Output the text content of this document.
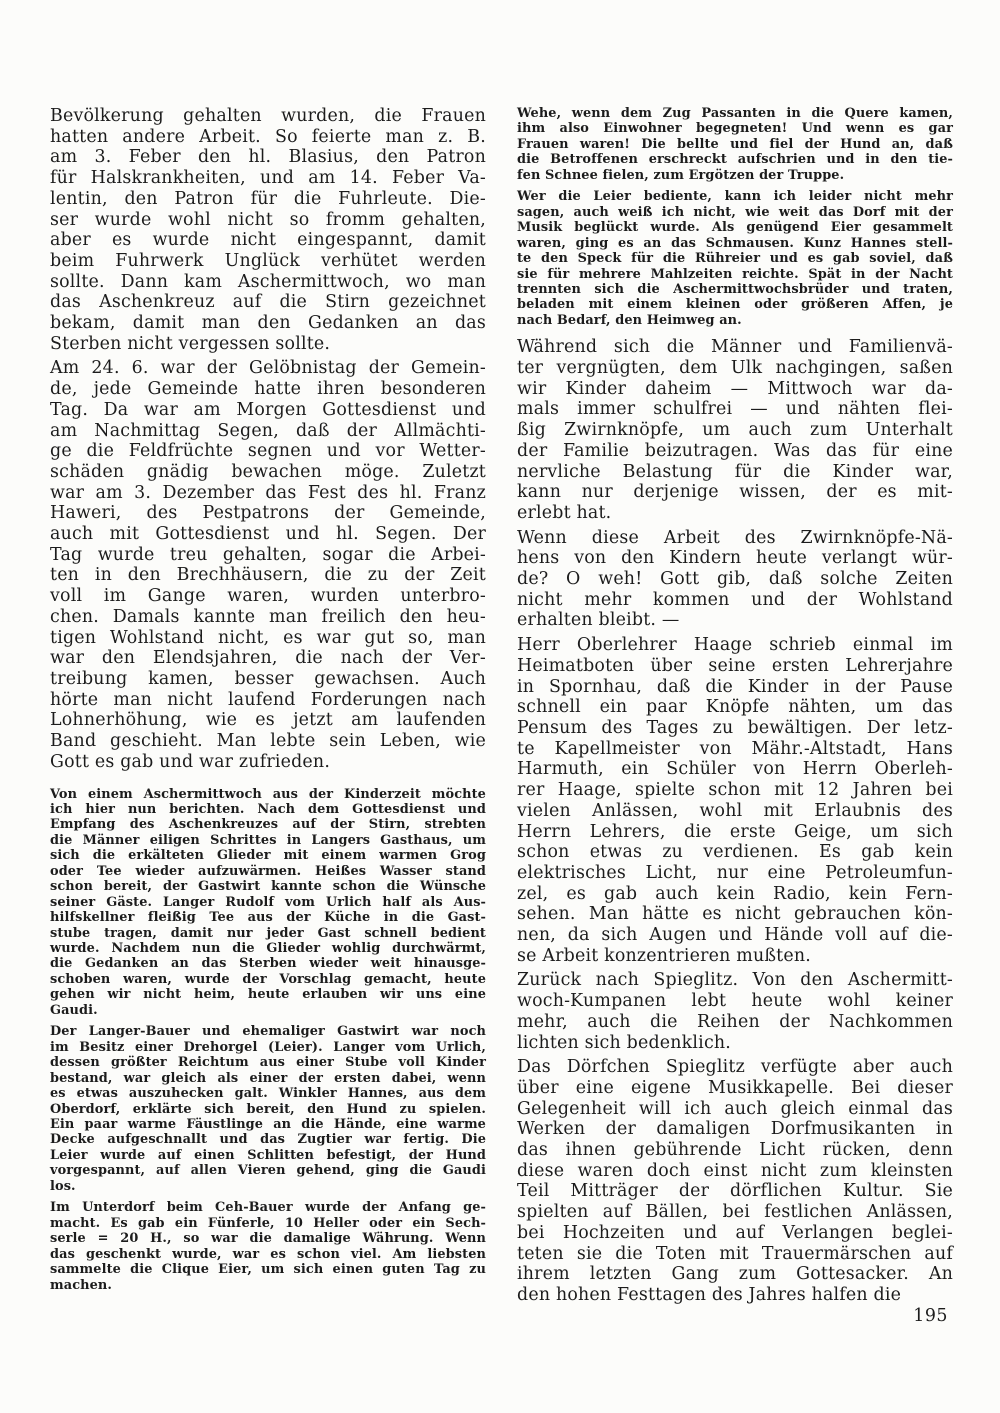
Bevölkerung gehalten wurden, die Frauen
hatten andere Arbeit. So feierte man z. B.
am 3. Feber den hl. Blasius, den Patron
für Halskrankheiten, und am 14. Feber Va-
lentin, den Patron für die Fuhrleute. Die-
ser wurde wohl nicht so fromm gehalten,
aber es wurde nicht eingespannt, damit
beim Fuhrwerk Unglück verhütet werden
sollte. Dann kam Aschermittwoch, wo man
das Aschenkreuz auf die Stirn gezeichnet
bekam, damit man den Gedanken an das
Sterben nicht vergessen sollte.
Am 24. 6. war der Gelöbnistag der Gemein-
de, jede Gemeinde hatte ihren besonderen
Tag. Da war am Morgen Gottesdienst und
am Nachmittag Segen, daß der Allmächti-
ge die Feldfrüchte segnen und vor Wetter-
schäden gnädig bewachen möge. Zuletzt
war am 3. Dezember das Fest des hl. Franz
Haweri, des Pestpatrons der Gemeinde,
auch mit Gottesdienst und hl. Segen. Der
Tag wurde treu gehalten, sogar die Arbei-
ten in den Brechhäusern, die zu der Zeit
voll im Gange waren, wurden unterbro-
chen. Damals kannte man freilich den heu-
tigen Wohlstand nicht, es war gut so, man
war den Elendsjahren, die nach der Ver-
treibung kamen, besser gewachsen. Auch
hörte man nicht laufend Forderungen nach
Lohnerhöhung, wie es jetzt am laufenden
Band geschieht. Man lebte sein Leben, wie
Gott es gab und war zufrieden.
Von einem Aschermittwoch aus der Kinderzeit möchte
ich hier nun berichten. Nach dem Gottesdienst und
Empfang des Aschenkreuzes auf der Stirn, strebten
die Männer eiligen Schrittes in Langers Gasthaus, um
sich die erkälteten Glieder mit einem warmen Grog
oder Tee wieder aufzuwärmen. Heißes Wasser stand
schon bereit, der Gastwirt kannte schon die Wünsche
seiner Gäste. Langer Rudolf vom Urlich half als Aus-
hilfskellner fleißig Tee aus der Küche in die Gast-
stube tragen, damit nur jeder Gast schnell bedient
wurde. Nachdem nun die Glieder wohlig durchwärmt,
die Gedanken an das Sterben wieder weit hinausge-
schoben waren, wurde der Vorschlag gemacht, heute
gehen wir nicht heim, heute erlauben wir uns eine
Gaudi.
Der Langer-Bauer und ehemaliger Gastwirt war noch
im Besitz einer Drehorgel (Leier). Langer vom Urlich,
dessen größter Reichtum aus einer Stube voll Kinder
bestand, war gleich als einer der ersten dabei, wenn
es etwas auszuhecken galt. Winkler Hannes, aus dem
Oberdorf, erklärte sich bereit, den Hund zu spielen.
Ein paar warme Fäustlinge an die Hände, eine warme
Decke aufgeschnallt und das Zugtier war fertig. Die
Leier wurde auf einen Schlitten befestigt, der Hund
vorgespannt, auf allen Vieren gehend, ging die Gaudi
los.
Im Unterdorf beim Ceh-Bauer wurde der Anfang ge-
macht. Es gab ein Fünferle, 10 Heller oder ein Sech-
serle = 20 H., so war die damalige Währung. Wenn
das geschenkt wurde, war es schon viel. Am liebsten
sammelte die Clique Eier, um sich einen guten Tag zu
machen.
Wehe, wenn dem Zug Passanten in die Quere kamen,
ihm also Einwohner begegneten! Und wenn es gar
Frauen waren! Die bellte und fiel der Hund an, daß
die Betroffenen erschreckt aufschrien und in den tie-
fen Schnee fielen, zum Ergötzen der Truppe.
Wer die Leier bediente, kann ich leider nicht mehr
sagen, auch weiß ich nicht, wie weit das Dorf mit der
Musik beglückt wurde. Als genügend Eier gesammelt
waren, ging es an das Schmausen. Kunz Hannes stell-
te den Speck für die Rühreier und es gab soviel, daß
sie für mehrere Mahlzeiten reichte. Spät in der Nacht
trennten sich die Aschermittwochsbrüder und traten,
beladen mit einem kleinen oder größeren Affen, je
nach Bedarf, den Heimweg an.
Während sich die Männer und Familienvä-
ter vergnügten, dem Ulk nachgingen, saßen
wir Kinder daheim — Mittwoch war da-
mals immer schulfrei — und nähten flei-
ßig Zwirnknöpfe, um auch zum Unterhalt
der Familie beizutragen. Was das für eine
nervliche Belastung für die Kinder war,
kann nur derjenige wissen, der es mit-
erlebt hat.
Wenn diese Arbeit des Zwirnknöpfe-Nä-
hens von den Kindern heute verlangt wür-
de? O weh! Gott gib, daß solche Zeiten
nicht mehr kommen und der Wohlstand
erhalten bleibt. —
Herr Oberlehrer Haage schrieb einmal im
Heimatboten über seine ersten Lehrerjahre
in Spornhau, daß die Kinder in der Pause
schnell ein paar Knöpfe nähten, um das
Pensum des Tages zu bewältigen. Der letz-
te Kapellmeister von Mähr.-Altstadt, Hans
Harmuth, ein Schüler von Herrn Oberleh-
rer Haage, spielte schon mit 12 Jahren bei
vielen Anlässen, wohl mit Erlaubnis des
Herrn Lehrers, die erste Geige, um sich
schon etwas zu verdienen. Es gab kein
elektrisches Licht, nur eine Petroleumfun-
zel, es gab auch kein Radio, kein Fern-
sehen. Man hätte es nicht gebrauchen kön-
nen, da sich Augen und Hände voll auf die-
se Arbeit konzentrieren mußten.
Zurück nach Spieglitz. Von den Aschermitt-
woch-Kumpanen lebt heute wohl keiner
mehr, auch die Reihen der Nachkommen
lichten sich bedenklich.
Das Dörfchen Spieglitz verfügte aber auch
über eine eigene Musikkapelle. Bei dieser
Gelegenheit will ich auch gleich einmal das
Werken der damaligen Dorfmusikanten in
das ihnen gebührende Licht rücken, denn
diese waren doch einst nicht zum kleinsten
Teil Mitträger der dörflichen Kultur. Sie
spielten auf Bällen, bei festlichen Anlässen,
bei Hochzeiten und auf Verlangen beglei-
teten sie die Toten mit Trauermärschen auf
ihrem letzten Gang zum Gottesacker. An
den hohen Festtagen des Jahres halfen die
195
